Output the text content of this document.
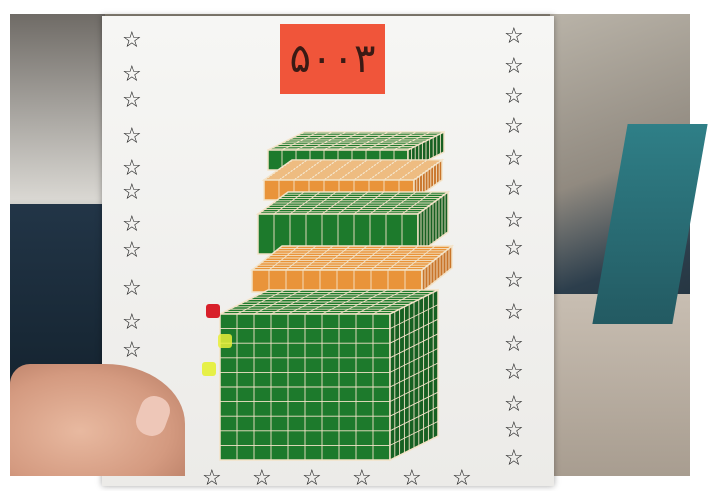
☆
☆
☆
☆
☆
☆
☆
☆
☆
☆
☆
☆
☆
☆
☆
☆
☆
☆
☆
☆
☆
☆
☆
☆
☆
☆
☆ ☆ ☆ ☆ ☆ ☆
۵۰۰۳
